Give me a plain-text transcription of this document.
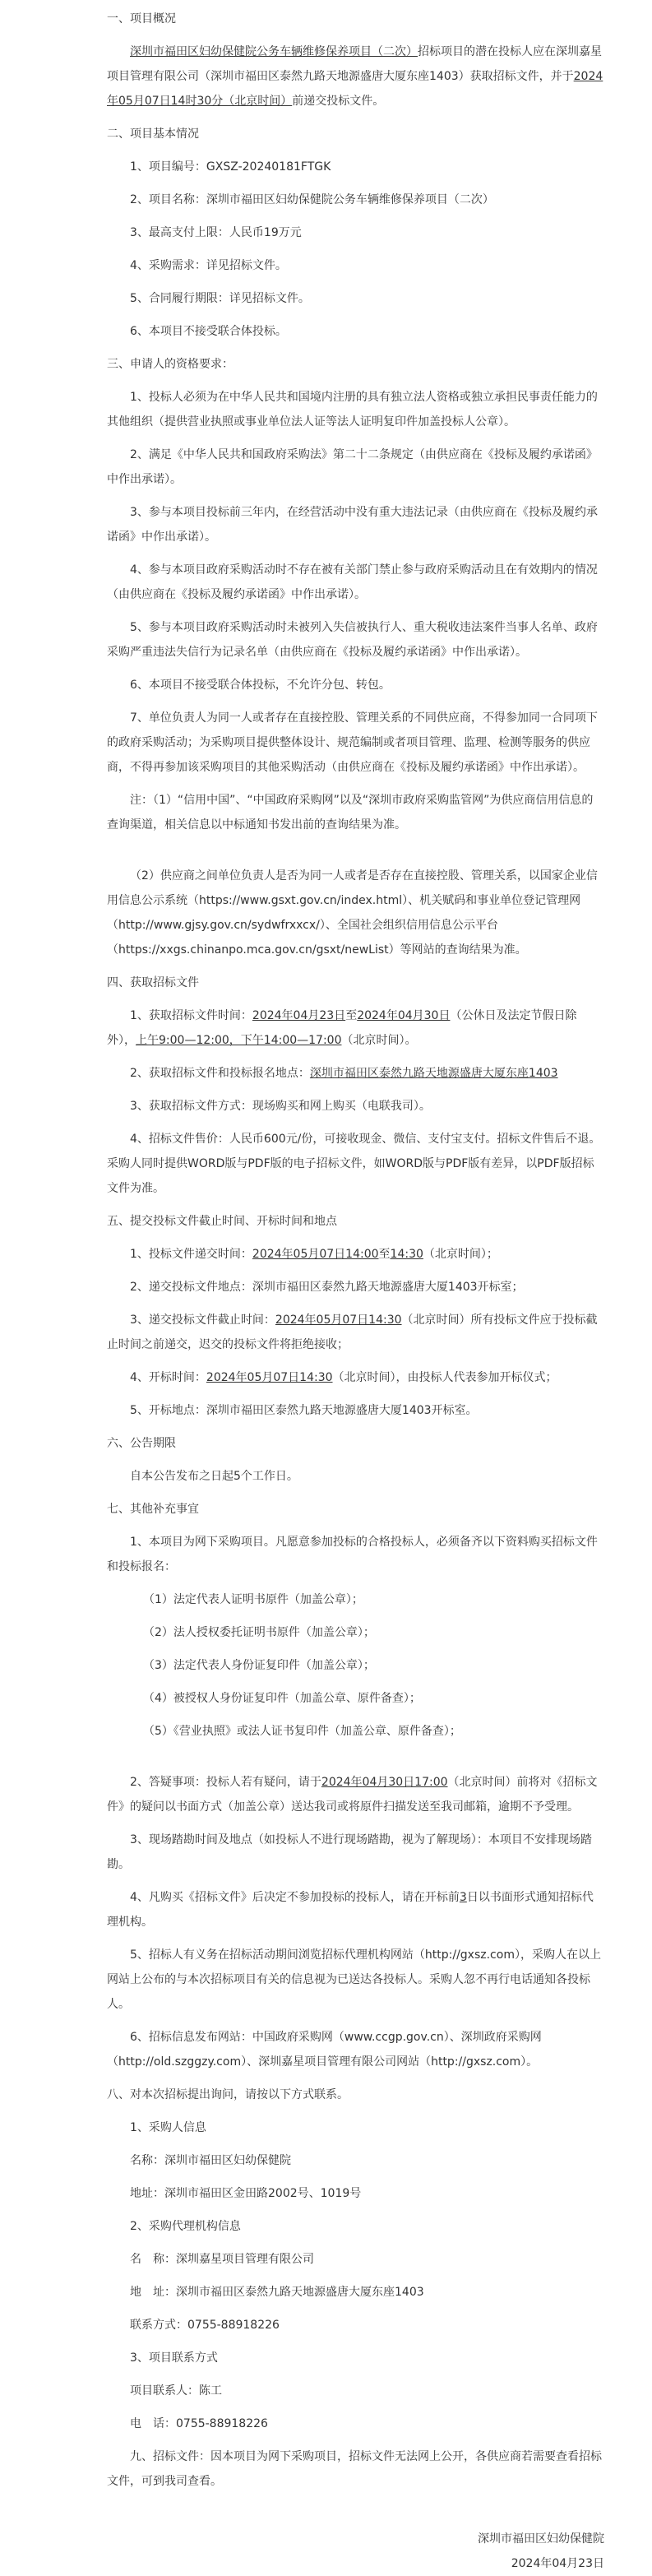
一、项目概况
深圳市福田区妇幼保健院公务车辆维修保养项目（二次）招标项目的潜在投标人应在深圳嘉星项目管理有限公司（深圳市福田区泰然九路天地源盛唐大厦东座1403）获取招标文件，并于2024年05月07日14时30分（北京时间）前递交投标文件。
二、项目基本情况
1、项目编号：GXSZ-20240181FTGK
2、项目名称：深圳市福田区妇幼保健院公务车辆维修保养项目（二次）
3、最高支付上限：人民币19万元
4、采购需求：详见招标文件。
5、合同履行期限：详见招标文件。
6、本项目不接受联合体投标。
三、申请人的资格要求：
1、投标人必须为在中华人民共和国境内注册的具有独立法人资格或独立承担民事责任能力的其他组织（提供营业执照或事业单位法人证等法人证明复印件加盖投标人公章）。
2、满足《中华人民共和国政府采购法》第二十二条规定（由供应商在《投标及履约承诺函》中作出承诺）。
3、参与本项目投标前三年内，在经营活动中没有重大违法记录（由供应商在《投标及履约承诺函》中作出承诺）。
4、参与本项目政府采购活动时不存在被有关部门禁止参与政府采购活动且在有效期内的情况（由供应商在《投标及履约承诺函》中作出承诺）。
5、参与本项目政府采购活动时未被列入失信被执行人、重大税收违法案件当事人名单、政府采购严重违法失信行为记录名单（由供应商在《投标及履约承诺函》中作出承诺）。
6、本项目不接受联合体投标，不允许分包、转包。
7、单位负责人为同一人或者存在直接控股、管理关系的不同供应商，不得参加同一合同项下的政府采购活动；为采购项目提供整体设计、规范编制或者项目管理、监理、检测等服务的供应商，不得再参加该采购项目的其他采购活动（由供应商在《投标及履约承诺函》中作出承诺）。
注：（1）“信用中国”、“中国政府采购网”以及“深圳市政府采购监管网”为供应商信用信息的查询渠道，相关信息以中标通知书发出前的查询结果为准。
（2）供应商之间单位负责人是否为同一人或者是否存在直接控股、管理关系，以国家企业信用信息公示系统（https://www.gsxt.gov.cn/index.html）、机关赋码和事业单位登记管理网（http://www.gjsy.gov.cn/sydwfrxxcx/）、全国社会组织信用信息公示平台（https://xxgs.chinanpo.mca.gov.cn/gsxt/newList）等网站的查询结果为准。
四、获取招标文件
1、获取招标文件时间：2024年04月23日至2024年04月30日（公休日及法定节假日除外），上午9:00—12:00，下午14:00—17:00（北京时间）。
2、获取招标文件和投标报名地点：深圳市福田区泰然九路天地源盛唐大厦东座1403
3、获取招标文件方式：现场购买和网上购买（电联我司）。
4、招标文件售价：人民币600元/份，可接收现金、微信、支付宝支付。招标文件售后不退。采购人同时提供WORD版与PDF版的电子招标文件，如WORD版与PDF版有差异，以PDF版招标文件为准。
五、提交投标文件截止时间、开标时间和地点
1、投标文件递交时间：2024年05月07日14:00至14:30（北京时间）；
2、递交投标文件地点：深圳市福田区泰然九路天地源盛唐大厦1403开标室；
3、递交投标文件截止时间：2024年05月07日14:30（北京时间）所有投标文件应于投标截止时间之前递交，迟交的投标文件将拒绝接收；
4、开标时间：2024年05月07日14:30（北京时间），由投标人代表参加开标仪式；
5、开标地点：深圳市福田区泰然九路天地源盛唐大厦1403开标室。
六、公告期限
自本公告发布之日起5个工作日。
七、其他补充事宜
1、本项目为网下采购项目。凡愿意参加投标的合格投标人，必须备齐以下资料购买招标文件和投标报名：
（1）法定代表人证明书原件（加盖公章）；
（2）法人授权委托证明书原件（加盖公章）；
（3）法定代表人身份证复印件（加盖公章）；
（4）被授权人身份证复印件（加盖公章、原件备查）；
（5）《营业执照》或法人证书复印件（加盖公章、原件备查）；
2、答疑事项：投标人若有疑问，请于2024年04月30日17:00（北京时间）前将对《招标文件》的疑问以书面方式（加盖公章）送达我司或将原件扫描发送至我司邮箱，逾期不予受理。
3、现场踏勘时间及地点（如投标人不进行现场踏勘，视为了解现场）：本项目不安排现场踏勘。
4、凡购买《招标文件》后决定不参加投标的投标人，请在开标前3日以书面形式通知招标代理机构。
5、招标人有义务在招标活动期间浏览招标代理机构网站（http://gxsz.com），采购人在以上网站上公布的与本次招标项目有关的信息视为已送达各投标人。采购人忽不再行电话通知各投标人。
6、招标信息发布网站：中国政府采购网（www.ccgp.gov.cn）、深圳政府采购网（http://old.szggzy.com）、深圳嘉星项目管理有限公司网站（http://gxsz.com）。
八、对本次招标提出询问，请按以下方式联系。
1、采购人信息
名称：深圳市福田区妇幼保健院
地址：深圳市福田区金田路2002号、1019号
2、采购代理机构信息
名　称：深圳嘉星项目管理有限公司
地　址：深圳市福田区泰然九路天地源盛唐大厦东座1403
联系方式：0755-88918226
3、项目联系方式
项目联系人：陈工
电　话：0755-88918226
九、招标文件：因本项目为网下采购项目，招标文件无法网上公开，各供应商若需要查看招标文件，可到我司查看。
深圳市福田区妇幼保健院
2024年04月23日
